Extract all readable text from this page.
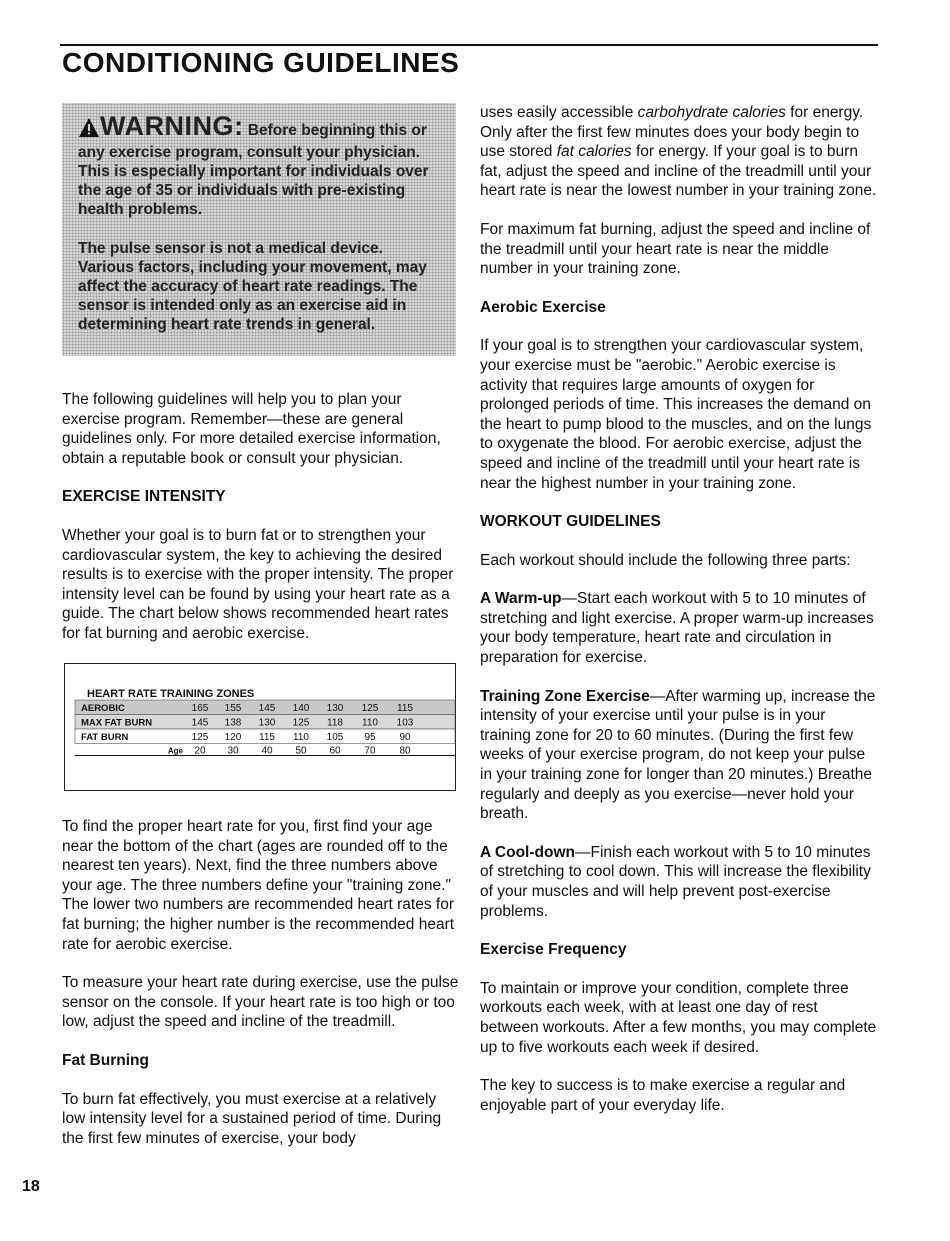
CONDITIONING GUIDELINES
WARNING: Before beginning this or any exercise program, consult your physician. This is especially important for individuals over the age of 35 or individuals with pre-existing health problems.
The pulse sensor is not a medical device. Various factors, including your movement, may affect the accuracy of heart rate readings. The sensor is intended only as an exercise aid in determining heart rate trends in general.

The following guidelines will help you to plan your exercise program. Remember—these are general guidelines only. For more detailed exercise information, obtain a reputable book or consult your physician.

EXERCISE INTENSITY

Whether your goal is to burn fat or to strengthen your cardiovascular system, the key to achieving the desired results is to exercise with the proper intensity. The proper intensity level can be found by using your heart rate as a guide. The chart below shows recommended heart rates for fat burning and aerobic exercise.

HEART RATE TRAINING ZONES
AEROBIC	165 155 145 140 130 125 115
MAX FAT BURN	145 138 130 125 118 110 103
FAT BURN	125 120 115 110 105 95 90
Age 20 30 40 50 60 70 80

To find the proper heart rate for you, first find your age near the bottom of the chart (ages are rounded off to the nearest ten years). Next, find the three numbers above your age. The three numbers define your "training zone." The lower two numbers are recommended heart rates for fat burning; the higher number is the recommended heart rate for aerobic exercise.

To measure your heart rate during exercise, use the pulse sensor on the console. If your heart rate is too high or too low, adjust the speed and incline of the treadmill.

Fat Burning

To burn fat effectively, you must exercise at a relatively low intensity level for a sustained period of time. During the first few minutes of exercise, your body

uses easily accessible carbohydrate calories for energy. Only after the first few minutes does your body begin to use stored fat calories for energy. If your goal is to burn fat, adjust the speed and incline of the treadmill until your heart rate is near the lowest number in your training zone.

For maximum fat burning, adjust the speed and incline of the treadmill until your heart rate is near the middle number in your training zone.

Aerobic Exercise

If your goal is to strengthen your cardiovascular system, your exercise must be "aerobic." Aerobic exercise is activity that requires large amounts of oxygen for prolonged periods of time. This increases the demand on the heart to pump blood to the muscles, and on the lungs to oxygenate the blood. For aerobic exercise, adjust the speed and incline of the treadmill until your heart rate is near the highest number in your training zone.

WORKOUT GUIDELINES

Each workout should include the following three parts:

A Warm-up—Start each workout with 5 to 10 minutes of stretching and light exercise. A proper warm-up increases your body temperature, heart rate and circulation in preparation for exercise.

Training Zone Exercise—After warming up, increase the intensity of your exercise until your pulse is in your training zone for 20 to 60 minutes. (During the first few weeks of your exercise program, do not keep your pulse in your training zone for longer than 20 minutes.) Breathe regularly and deeply as you exercise—never hold your breath.

A Cool-down—Finish each workout with 5 to 10 minutes of stretching to cool down. This will increase the flexibility of your muscles and will help prevent post-exercise problems.

Exercise Frequency

To maintain or improve your condition, complete three workouts each week, with at least one day of rest between workouts. After a few months, you may complete up to five workouts each week if desired.

The key to success is to make exercise a regular and enjoyable part of your everyday life.

18
